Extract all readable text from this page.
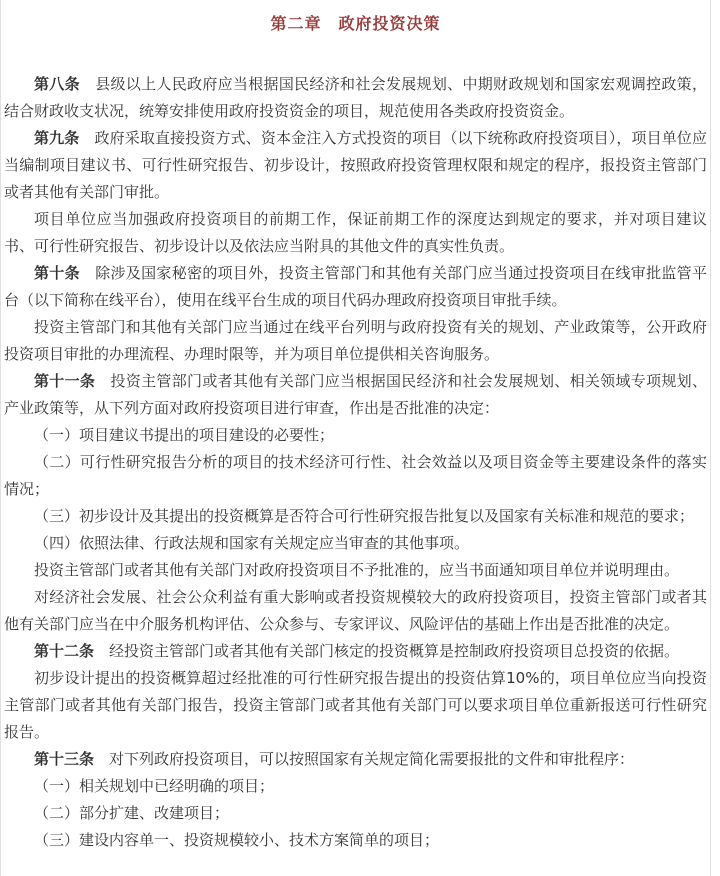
第二章　政府投资决策

第八条　县级以上人民政府应当根据国民经济和社会发展规划、中期财政规划和国家宏观调控政策，结合财政收支状况，统筹安排使用政府投资资金的项目，规范使用各类政府投资资金。

第九条　政府采取直接投资方式、资本金注入方式投资的项目（以下统称政府投资项目），项目单位应当编制项目建议书、可行性研究报告、初步设计，按照政府投资管理权限和规定的程序，报投资主管部门或者其他有关部门审批。

项目单位应当加强政府投资项目的前期工作，保证前期工作的深度达到规定的要求，并对项目建议书、可行性研究报告、初步设计以及依法应当附具的其他文件的真实性负责。

第十条　除涉及国家秘密的项目外，投资主管部门和其他有关部门应当通过投资项目在线审批监管平台（以下简称在线平台），使用在线平台生成的项目代码办理政府投资项目审批手续。

投资主管部门和其他有关部门应当通过在线平台列明与政府投资有关的规划、产业政策等，公开政府投资项目审批的办理流程、办理时限等，并为项目单位提供相关咨询服务。

第十一条　投资主管部门或者其他有关部门应当根据国民经济和社会发展规划、相关领域专项规划、产业政策等，从下列方面对政府投资项目进行审查，作出是否批准的决定：

（一）项目建议书提出的项目建设的必要性；

（二）可行性研究报告分析的项目的技术经济可行性、社会效益以及项目资金等主要建设条件的落实情况；

（三）初步设计及其提出的投资概算是否符合可行性研究报告批复以及国家有关标准和规范的要求；

（四）依照法律、行政法规和国家有关规定应当审查的其他事项。

投资主管部门或者其他有关部门对政府投资项目不予批准的，应当书面通知项目单位并说明理由。

对经济社会发展、社会公众利益有重大影响或者投资规模较大的政府投资项目，投资主管部门或者其他有关部门应当在中介服务机构评估、公众参与、专家评议、风险评估的基础上作出是否批准的决定。

第十二条　经投资主管部门或者其他有关部门核定的投资概算是控制政府投资项目总投资的依据。

初步设计提出的投资概算超过经批准的可行性研究报告提出的投资估算10%的，项目单位应当向投资主管部门或者其他有关部门报告，投资主管部门或者其他有关部门可以要求项目单位重新报送可行性研究报告。

第十三条　对下列政府投资项目，可以按照国家有关规定简化需要报批的文件和审批程序：

（一）相关规划中已经明确的项目；

（二）部分扩建、改建项目；

（三）建设内容单一、投资规模较小、技术方案简单的项目；
